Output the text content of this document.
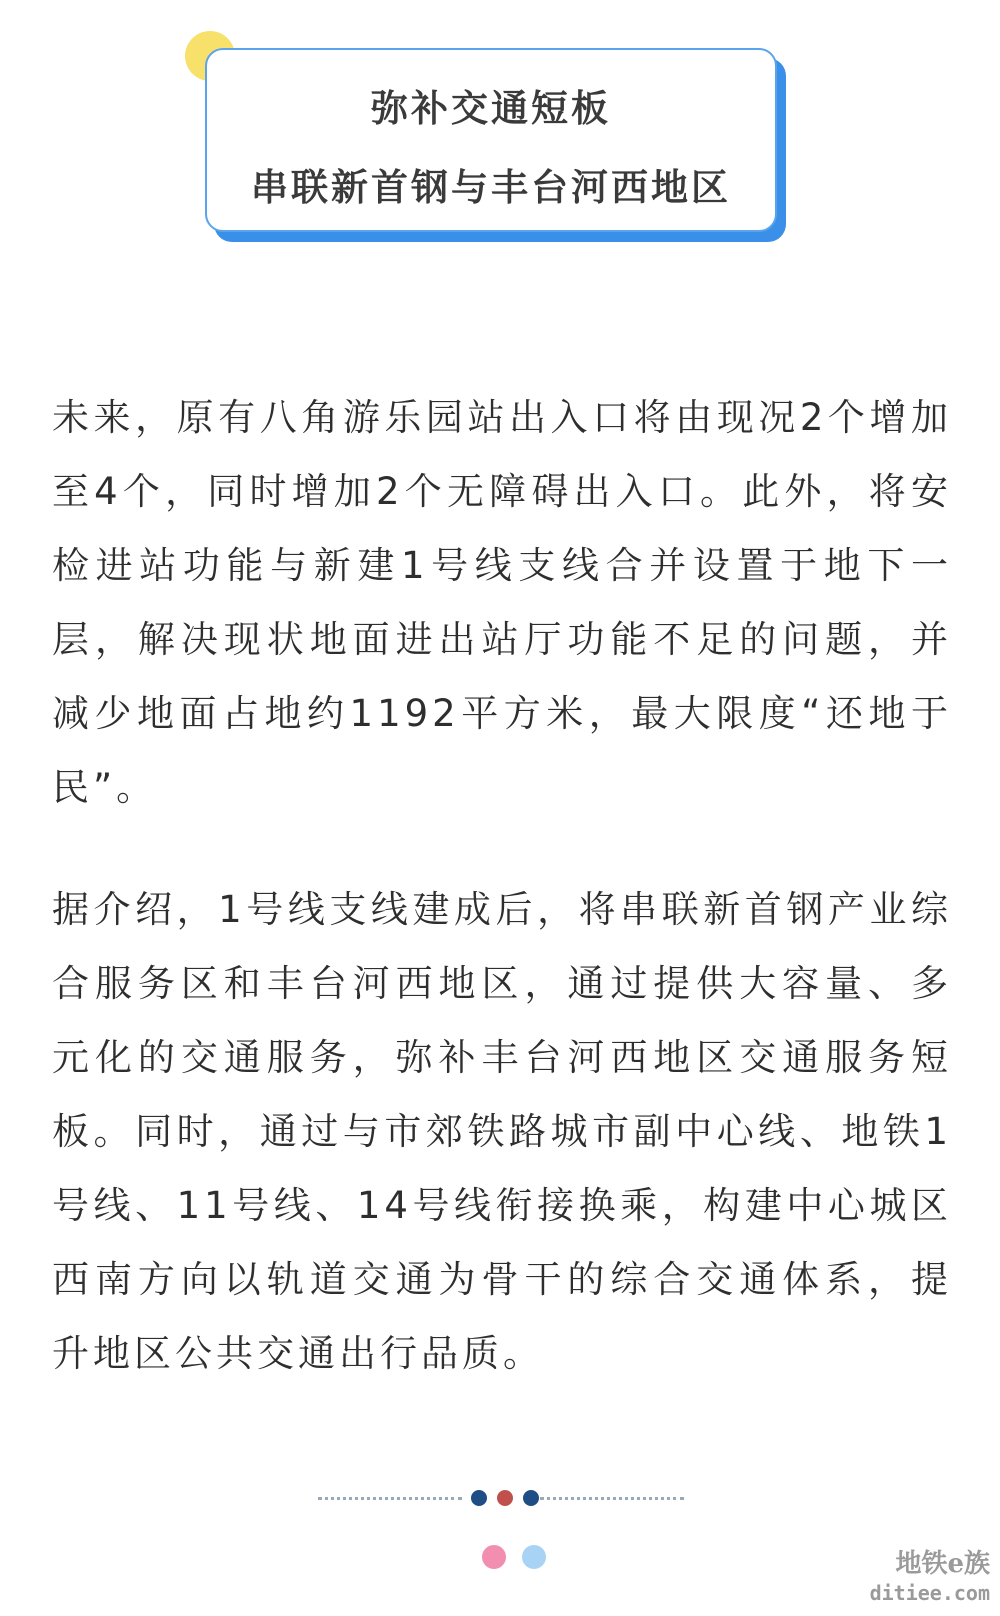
弥补交通短板
串联新首钢与丰台河西地区
未来，原有八角游乐园站出入口将由现况2个增加至4个，同时增加2个无障碍出入口。此外，将安检进站功能与新建1号线支线合并设置于地下一层，解决现状地面进出站厅功能不足的问题，并减少地面占地约1192平方米，最大限度“还地于民”。
据介绍，1号线支线建成后，将串联新首钢产业综合服务区和丰台河西地区，通过提供大容量、多元化的交通服务，弥补丰台河西地区交通服务短板。同时，通过与市郊铁路城市副中心线、地铁1号线、11号线、14号线衔接换乘，构建中心城区西南方向以轨道交通为骨干的综合交通体系，提升地区公共交通出行品质。
地铁e族
ditiee.com
